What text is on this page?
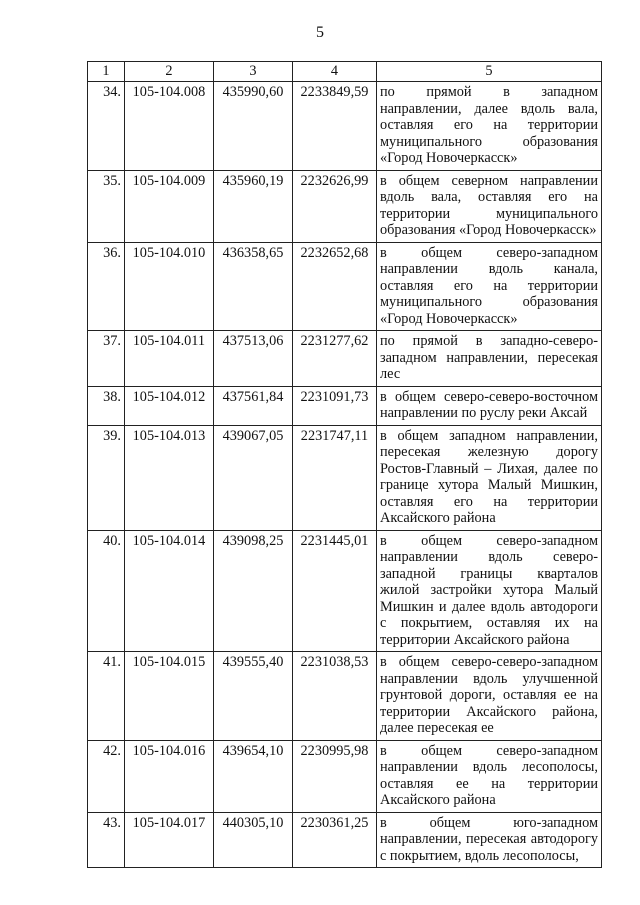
5
1	2	3	4	5
34.	105-104.008	435990,60	2233849,59	по прямой в западном направлении, далее вдоль вала, оставляя его на территории муниципального образования «Город Новочеркасск»
35.	105-104.009	435960,19	2232626,99	в общем северном направлении вдоль вала, оставляя его на территории муниципального образования «Город Новочеркасск»
36.	105-104.010	436358,65	2232652,68	в общем северо-западном направлении вдоль канала, оставляя его на территории муниципального образования «Город Новочеркасск»
37.	105-104.011	437513,06	2231277,62	по прямой в западно-северо-западном направлении, пересекая лес
38.	105-104.012	437561,84	2231091,73	в общем северо-северо-восточном направлении по руслу реки Аксай
39.	105-104.013	439067,05	2231747,11	в общем западном направлении, пересекая железную дорогу Ростов-Главный – Лихая, далее по границе хутора Малый Мишкин, оставляя его на территории Аксайского района
40.	105-104.014	439098,25	2231445,01	в общем северо-западном направлении вдоль северо-западной границы кварталов жилой застройки хутора Малый Мишкин и далее вдоль автодороги с покрытием, оставляя их на территории Аксайского района
41.	105-104.015	439555,40	2231038,53	в общем северо-северо-западном направлении вдоль улучшенной грунтовой дороги, оставляя ее на территории Аксайского района, далее пересекая ее
42.	105-104.016	439654,10	2230995,98	в общем северо-западном направлении вдоль лесополосы, оставляя ее на территории Аксайского района
43.	105-104.017	440305,10	2230361,25	в общем юго-западном направлении, пересекая автодорогу с покрытием, вдоль лесополосы,
